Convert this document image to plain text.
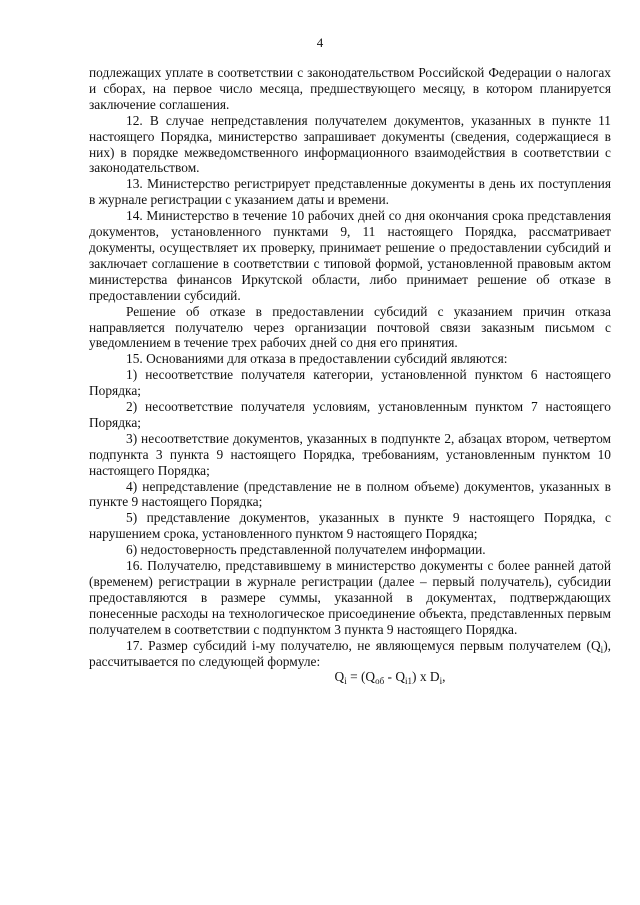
4

подлежащих уплате в соответствии с законодательством Российской Федерации о налогах и сборах, на первое число месяца, предшествующего месяцу, в котором планируется заключение соглашения.

12. В случае непредставления получателем документов, указанных в пункте 11 настоящего Порядка, министерство запрашивает документы (сведения, содержащиеся в них) в порядке межведомственного информационного взаимодействия в соответствии с законодательством.

13. Министерство регистрирует представленные документы в день их поступления в журнале регистрации с указанием даты и времени.

14. Министерство в течение 10 рабочих дней со дня окончания срока представления документов, установленного пунктами 9, 11 настоящего Порядка, рассматривает документы, осуществляет их проверку, принимает решение о предоставлении субсидий и заключает соглашение в соответствии с типовой формой, установленной правовым актом министерства финансов Иркутской области, либо принимает решение об отказе в предоставлении субсидий.

Решение об отказе в предоставлении субсидий с указанием причин отказа направляется получателю через организации почтовой связи заказным письмом с уведомлением в течение трех рабочих дней со дня его принятия.

15. Основаниями для отказа в предоставлении субсидий являются:

1) несоответствие получателя категории, установленной пунктом 6 настоящего Порядка;

2) несоответствие получателя условиям, установленным пунктом 7 настоящего Порядка;

3) несоответствие документов, указанных в подпункте 2, абзацах втором, четвертом подпункта 3 пункта 9 настоящего Порядка, требованиям, установленным пунктом 10 настоящего Порядка;

4) непредставление (представление не в полном объеме) документов, указанных в пункте 9 настоящего Порядка;

5) представление документов, указанных в пункте 9 настоящего Порядка, с нарушением срока, установленного пунктом 9 настоящего Порядка;

6) недостоверность представленной получателем информации.

16. Получателю, представившему в министерство документы с более ранней датой (временем) регистрации в журнале регистрации (далее – первый получатель), субсидии предоставляются в размере суммы, указанной в документах, подтверждающих понесенные расходы на технологическое присоединение объекта, представленных первым получателем в соответствии с подпунктом 3 пункта 9 настоящего Порядка.

17. Размер субсидий i-му получателю, не являющемуся первым получателем $(Q_i)$, рассчитывается по следующей формуле:

$Q_i = (Q_{об} - Q_{i1})$ x $D_i$,
